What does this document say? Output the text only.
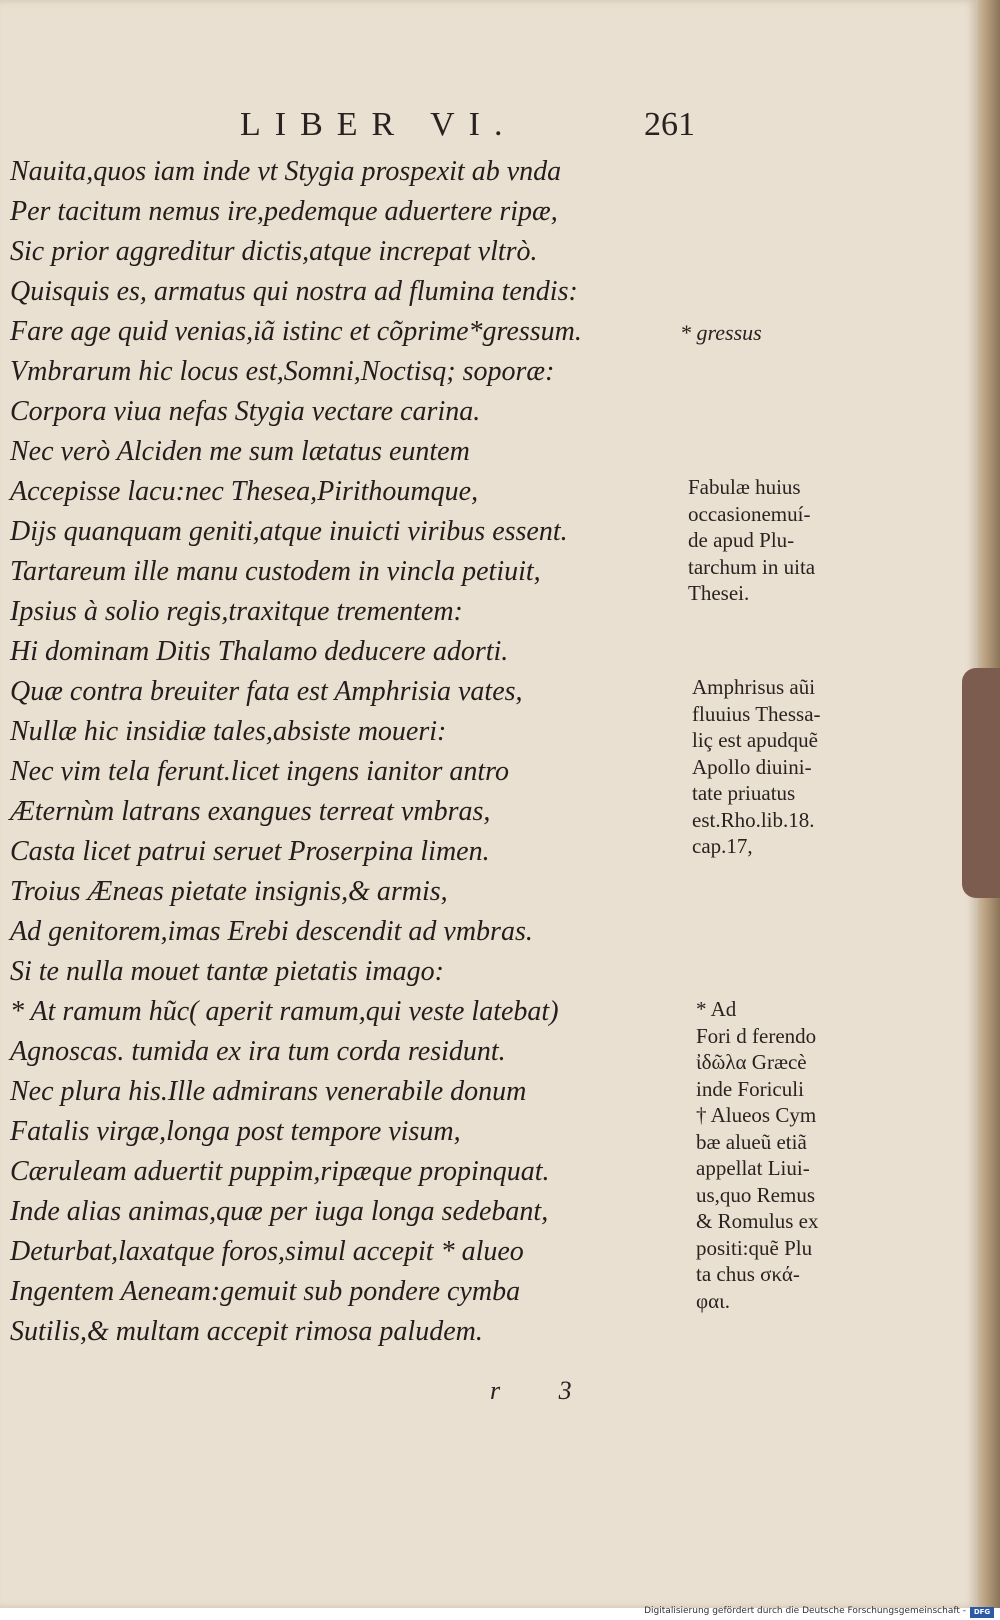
LIBER VI.	261
Nauita,quos iam inde vt Stygia prospexit ab vnda
Per tacitum nemus ire,pedemque aduertere ripæ,
Sic prior aggreditur dictis,atque increpat vltrò.
Quisquis es, armatus qui nostra ad flumina tendis:
Fare age quid venias,iã istinc et cõprime*gressum.
Vmbrarum hic locus est,Somni,Noctisq; soporæ:
Corpora viua nefas Stygia vectare carina.
Nec verò Alciden me sum lætatus euntem
Accepisse lacu:nec Thesea,Pirithoumque,
Dijs quanquam geniti,atque inuicti viribus essent.
Tartareum ille manu custodem in vincla petiuit,
Ipsius à solio regis,traxitque trementem:
Hi dominam Ditis Thalamo deducere adorti.
Quæ contra breuiter fata est Amphrisia vates,
Nullæ hic insidiæ tales,absiste moueri:
Nec vim tela ferunt.licet ingens ianitor antro
Æternùm latrans exangues terreat vmbras,
Casta licet patrui seruet Proserpina limen.
Troius Æneas pietate insignis,& armis,
Ad genitorem,imas Erebi descendit ad vmbras.
Si te nulla mouet tantæ pietatis imago:
* At ramum hũc( aperit ramum,qui veste latebat)
Agnoscas. tumida ex ira tum corda residunt.
Nec plura his.Ille admirans venerabile donum
Fatalis virgæ,longa post tempore visum,
Cæruleam aduertit puppim,ripæque propinquat.
Inde alias animas,quæ per iuga longa sedebant,
Deturbat,laxatque foros,simul accepit * alueo
Ingentem Aeneam:gemuit sub pondere cymba
Sutilis,& multam accepit rimosa paludem.
* gressus
Fabulæ huius
occasionemuí-
de apud Plu-
tarchum in uita
Thesei.
Amphrisus aũi
fluuius Thessa-
liç est apudquẽ
Apollo diuini-
tate priuatus
est.Rho.lib.18.
cap.17,
* Ad
Fori d ferendo
ἰδῶλα Græcè
inde Foriculi
† Alueos Cym
bæ alueũ etiã
appellat Liui-
us,quo Remus
& Romulus ex
positi:quẽ Plu
ta chus σκά-
φαι.
r 3
Digitalisierung gefördert durch die Deutsche Forschungsgemeinschaft -	DFG
